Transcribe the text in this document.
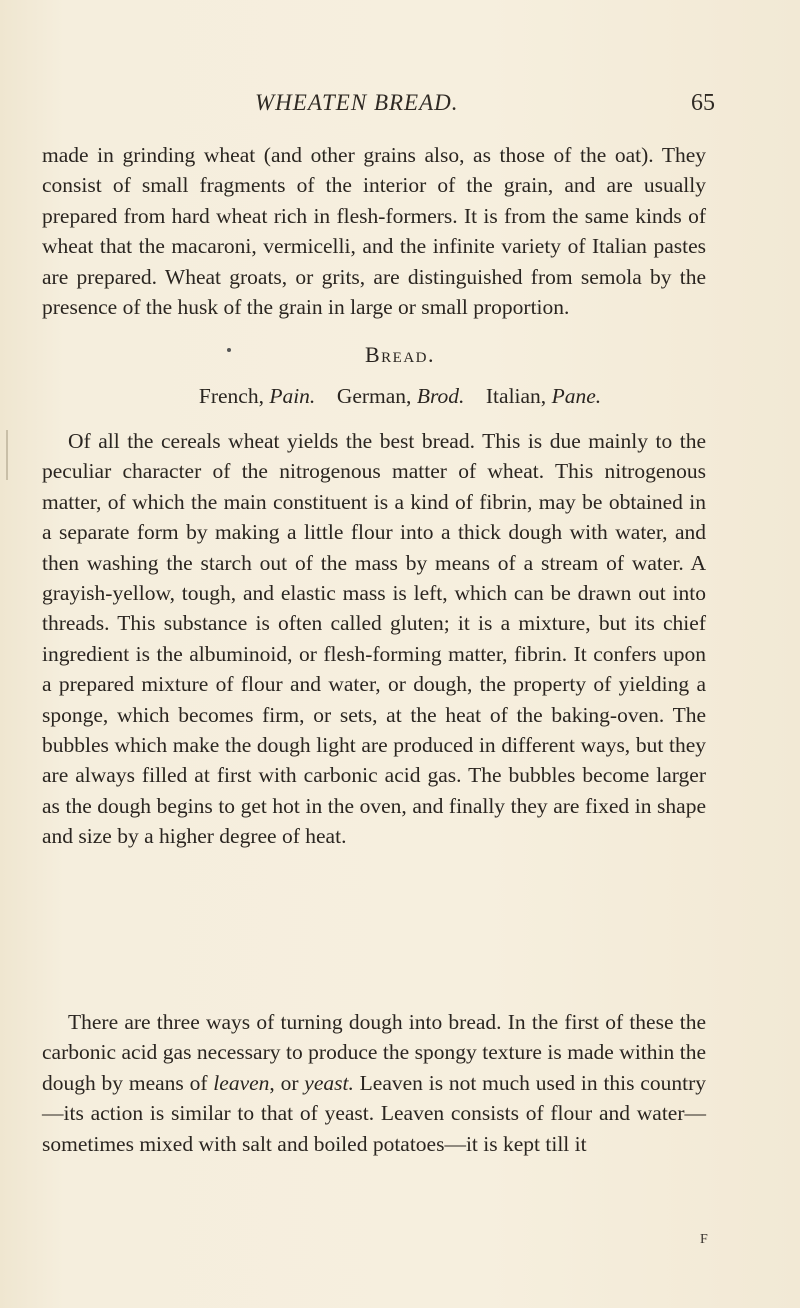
WHEATEN BREAD.	65

made in grinding wheat (and other grains also, as those of the oat). They consist of small fragments of the interior of the grain, and are usually prepared from hard wheat rich in flesh-formers. It is from the same kinds of wheat that the macaroni, vermicelli, and the infinite variety of Italian pastes are prepared. Wheat groats, or grits, are distinguished from semola by the presence of the husk of the grain in large or small proportion.

Bread.
French, Pain. German, Brod. Italian, Pane.

Of all the cereals wheat yields the best bread. This is due mainly to the peculiar character of the nitrogenous matter of wheat. This nitrogenous matter, of which the main constituent is a kind of fibrin, may be obtained in a separate form by making a little flour into a thick dough with water, and then washing the starch out of the mass by means of a stream of water. A grayish-yellow, tough, and elastic mass is left, which can be drawn out into threads. This substance is often called gluten; it is a mixture, but its chief ingredient is the albuminoid, or flesh-forming matter, fibrin. It confers upon a prepared mixture of flour and water, or dough, the property of yielding a sponge, which becomes firm, or sets, at the heat of the baking-oven. The bubbles which make the dough light are produced in different ways, but they are always filled at first with carbonic acid gas. The bubbles become larger as the dough begins to get hot in the oven, and finally they are fixed in shape and size by a higher degree of heat.

There are three ways of turning dough into bread. In the first of these the carbonic acid gas necessary to produce the spongy texture is made within the dough by means of leaven, or yeast. Leaven is not much used in this country—its action is similar to that of yeast. Leaven consists of flour and water—sometimes mixed with salt and boiled potatoes—it is kept till it

F
